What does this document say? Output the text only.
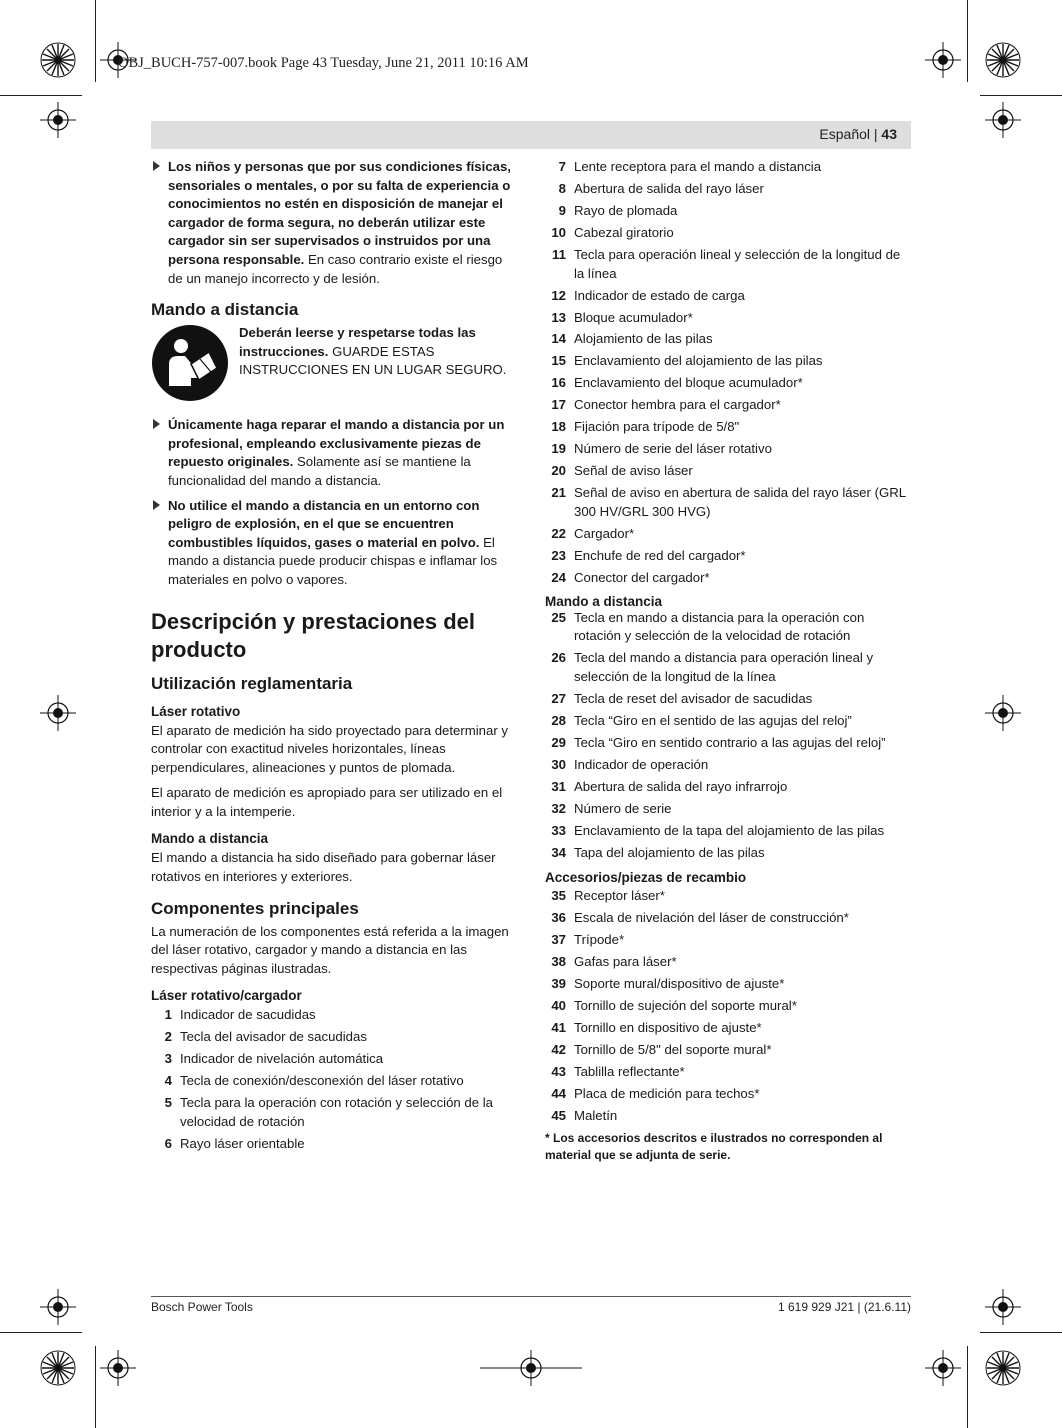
OBJ_BUCH-757-007.book Page 43 Tuesday, June 21, 2011 10:16 AM
Español | 43
Los niños y personas que por sus condiciones físicas, sensoriales o mentales, o por su falta de experiencia o conocimientos no estén en disposición de manejar el cargador de forma segura, no deberán utilizar este cargador sin ser supervisados o instruidos por una persona responsable. En caso contrario existe el riesgo de un manejo incorrecto y de lesión.
Mando a distancia
Deberán leerse y respetarse todas las instrucciones. GUARDE ESTAS INSTRUCCIONES EN UN LUGAR SEGURO.
Únicamente haga reparar el mando a distancia por un profesional, empleando exclusivamente piezas de repuesto originales. Solamente así se mantiene la funcionalidad del mando a distancia.
No utilice el mando a distancia en un entorno con peligro de explosión, en el que se encuentren combustibles líquidos, gases o material en polvo. El mando a distancia puede producir chispas e inflamar los materiales en polvo o vapores.
Descripción y prestaciones del producto
Utilización reglamentaria
Láser rotativo

El aparato de medición ha sido proyectado para determinar y controlar con exactitud niveles horizontales, líneas perpendiculares, alineaciones y puntos de plomada.

El aparato de medición es apropiado para ser utilizado en el interior y a la intemperie.

Mando a distancia

El mando a distancia ha sido diseñado para gobernar láser rotativos en interiores y exteriores.

Componentes principales

La numeración de los componentes está referida a la imagen del láser rotativo, cargador y mando a distancia en las respectivas páginas ilustradas.

Láser rotativo/cargador
1 Indicador de sacudidas
2 Tecla del avisador de sacudidas
3 Indicador de nivelación automática
4 Tecla de conexión/desconexión del láser rotativo
5 Tecla para la operación con rotación y selección de la velocidad de rotación
6 Rayo láser orientable
7 Lente receptora para el mando a distancia
8 Abertura de salida del rayo láser
9 Rayo de plomada
10 Cabezal giratorio
11 Tecla para operación lineal y selección de la longitud de la línea
12 Indicador de estado de carga
13 Bloque acumulador*
14 Alojamiento de las pilas
15 Enclavamiento del alojamiento de las pilas
16 Enclavamiento del bloque acumulador*
17 Conector hembra para el cargador*
18 Fijación para trípode de 5/8"
19 Número de serie del láser rotativo
20 Señal de aviso láser
21 Señal de aviso en abertura de salida del rayo láser (GRL 300 HV/GRL 300 HVG)
22 Cargador*
23 Enchufe de red del cargador*
24 Conector del cargador*
Mando a distancia
25 Tecla en mando a distancia para la operación con rotación y selección de la velocidad de rotación
26 Tecla del mando a distancia para operación lineal y selección de la longitud de la línea
27 Tecla de reset del avisador de sacudidas
28 Tecla “Giro en el sentido de las agujas del reloj”
29 Tecla “Giro en sentido contrario a las agujas del reloj”
30 Indicador de operación
31 Abertura de salida del rayo infrarrojo
32 Número de serie
33 Enclavamiento de la tapa del alojamiento de las pilas
34 Tapa del alojamiento de las pilas
Accesorios/piezas de recambio
35 Receptor láser*
36 Escala de nivelación del láser de construcción*
37 Trípode*
38 Gafas para láser*
39 Soporte mural/dispositivo de ajuste*
40 Tornillo de sujeción del soporte mural*
41 Tornillo en dispositivo de ajuste*
42 Tornillo de 5/8" del soporte mural*
43 Tablilla reflectante*
44 Placa de medición para techos*
45 Maletín
* Los accesorios descritos e ilustrados no corresponden al material que se adjunta de serie.
Bosch Power Tools	1 619 929 J21 | (21.6.11)
